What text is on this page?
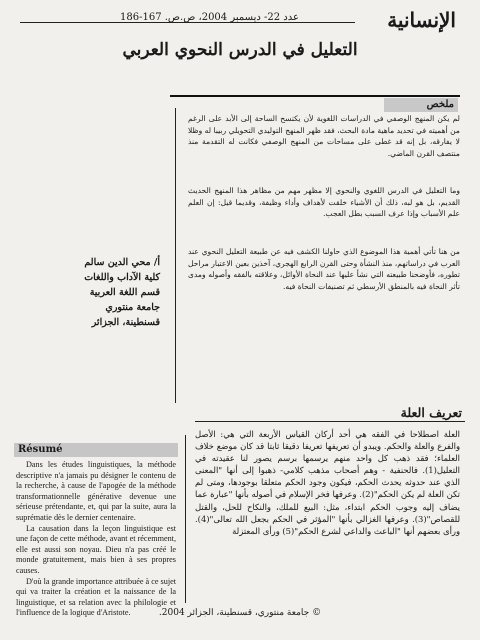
الإنسانية
عدد 22- ديسمبر 2004، ص.ص. 167-186
التعليل في الدرس النحوي العربي
ملخص

لم يكن المنهج الوصفي في الدراسات اللغوية لأن يكتسح الساحة إلى الأبد على الرغم من أهميته في تحديد ماهية مادة البحث، فقد ظهر المنهج التوليدي التحويلي ربيبا له وظلا لا يفارقه، بل إنه قد غطى على مساحات من المنهج الوصفي فكانت له التقدمة منذ منتصف القرن الماضي.

وما التعليل في الدرس اللغوي والنحوي إلا مظهر مهم من مظاهر هذا المنهج الحديث القديم، بل هو لبه، ذلك أن الأشياء خلقت لأهداف وأداء وظيفة، وقديما قيل: إن العلم علم الأسباب وإذا عرف السبب بطل العجب.

من هنا تأتي أهمية هذا الموضوع الذي حاولنا الكشف فيه عن طبيعة التعليل النحوي عند العرب في دراساتهم، منذ النشأة وحتى القرن الرابع الهجري، آخذين بعين الاعتبار مراحل تطوره، فأوضحنا طبيعته التي نشأ عليها عند النحاة الأوائل، وعلاقته بالفقه وأصوله ومدى تأثر النحاة فيه بالمنطق الأرسطي ثم تصنيفات النحاة فيه.

أ/ محي الدين سالم
كلية الآداب واللغات
قسم اللغة العربية
جامعة منتوري
قسنطينة، الجزائر
تعريف العلة

العلة اصطلاحا في الفقه هي أحد أركان القياس الأربعة التي هي: الأصل والفرع والعلة والحكم. ويبدو أن تعريفها تعريفا دقيقا ثابتا قد كان موضع خلاف العلماء؛ فقد ذهب كل واحد منهم يرسمها برسم يصور لنا عقيدته في التعليل(1). فالحنفية - وهم أصحاب مذهب كلامي- ذهبوا إلى أنها "المعنى الذي عند حدوثه يحدث الحكم، فيكون وجود الحكم متعلقا بوجودها، ومتى لم تكن العلة لم يكن الحكم"(2). وعرفها فخر الإسلام في أصوله بأنها "عبارة عما يضاف إليه وجوب الحكم ابتداء، مثل: البيع للملك، والنكاح للحل، والقتل للقصاص"(3). وعرفها الغزالي بأنها "المؤثر في الحكم بجعل الله تعالى"(4). ورأى بعضهم أنها "الباعث والداعي لشرع الحكم"(5) ورأى المعتزلة

Résumé

Dans les études linguistiques, la méthode descriptive n'a jamais pu désigner le contenu de la recherche, à cause de l'apogée de la méthode transformationnelle générative devenue une sérieuse prétendante, et, qui par la suite, aura la suprématie dès le dernier centenaire.

La causation dans la leçon linguistique est une façon de cette méthode, avant et récemment, elle est aussi son noyau. Dieu n'a pas créé le monde gratuitement, mais bien à ses propres causes.

D'où la grande importance attribuée à ce sujet qui va traiter la création et la naissance de la linguistique, et sa relation avec la philologie et l'influence de la logique d'Aristote.	© جامعة منتوري، قسنطينة، الجزائر 2004.
